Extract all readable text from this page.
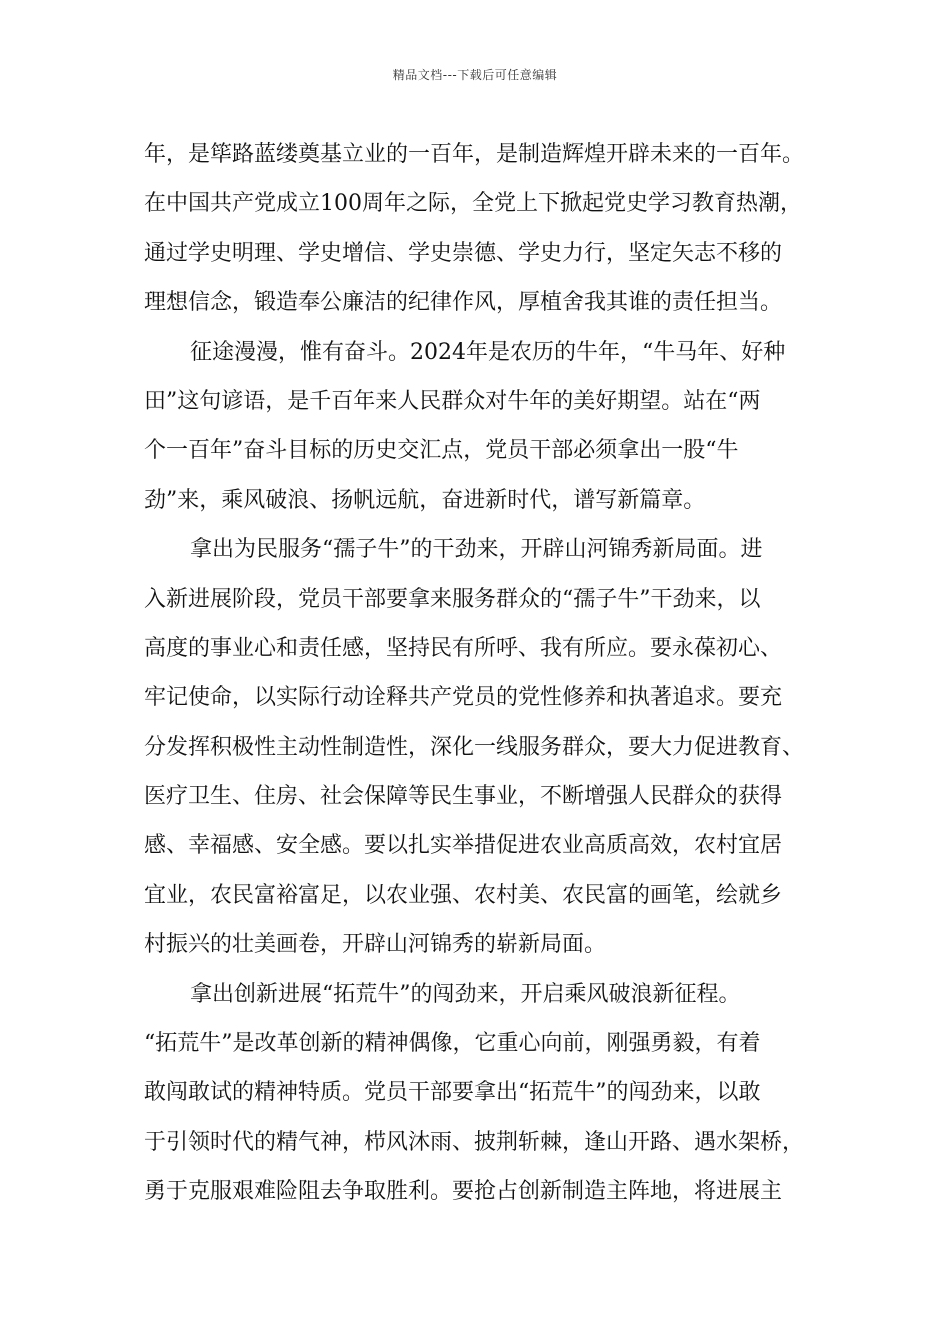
精品文档---下载后可任意编辑
年，是筚路蓝缕奠基立业的一百年，是制造辉煌开辟未来的一百年。
在中国共产党成立100周年之际，全党上下掀起党史学习教育热潮，
通过学史明理、学史增信、学史崇德、学史力行，坚定矢志不移的
理想信念，锻造奉公廉洁的纪律作风，厚植舍我其谁的责任担当。
征途漫漫，惟有奋斗。2024年是农历的牛年，“牛马年、好种
田”这句谚语，是千百年来人民群众对牛年的美好期望。站在“两
个一百年”奋斗目标的历史交汇点，党员干部必须拿出一股“牛
劲”来，乘风破浪、扬帆远航，奋进新时代，谱写新篇章。
拿出为民服务“孺子牛”的干劲来，开辟山河锦秀新局面。进
入新进展阶段，党员干部要拿来服务群众的“孺子牛”干劲来，以
高度的事业心和责任感，坚持民有所呼、我有所应。要永葆初心、
牢记使命，以实际行动诠释共产党员的党性修养和执著追求。要充
分发挥积极性主动性制造性，深化一线服务群众，要大力促进教育、
医疗卫生、住房、社会保障等民生事业，不断增强人民群众的获得
感、幸福感、安全感。要以扎实举措促进农业高质高效，农村宜居
宜业，农民富裕富足，以农业强、农村美、农民富的画笔，绘就乡
村振兴的壮美画卷，开辟山河锦秀的崭新局面。
拿出创新进展“拓荒牛”的闯劲来，开启乘风破浪新征程。
“拓荒牛”是改革创新的精神偶像，它重心向前，刚强勇毅，有着
敢闯敢试的精神特质。党员干部要拿出“拓荒牛”的闯劲来，以敢
于引领时代的精气神，栉风沐雨、披荆斩棘，逢山开路、遇水架桥，
勇于克服艰难险阻去争取胜利。要抢占创新制造主阵地，将进展主
